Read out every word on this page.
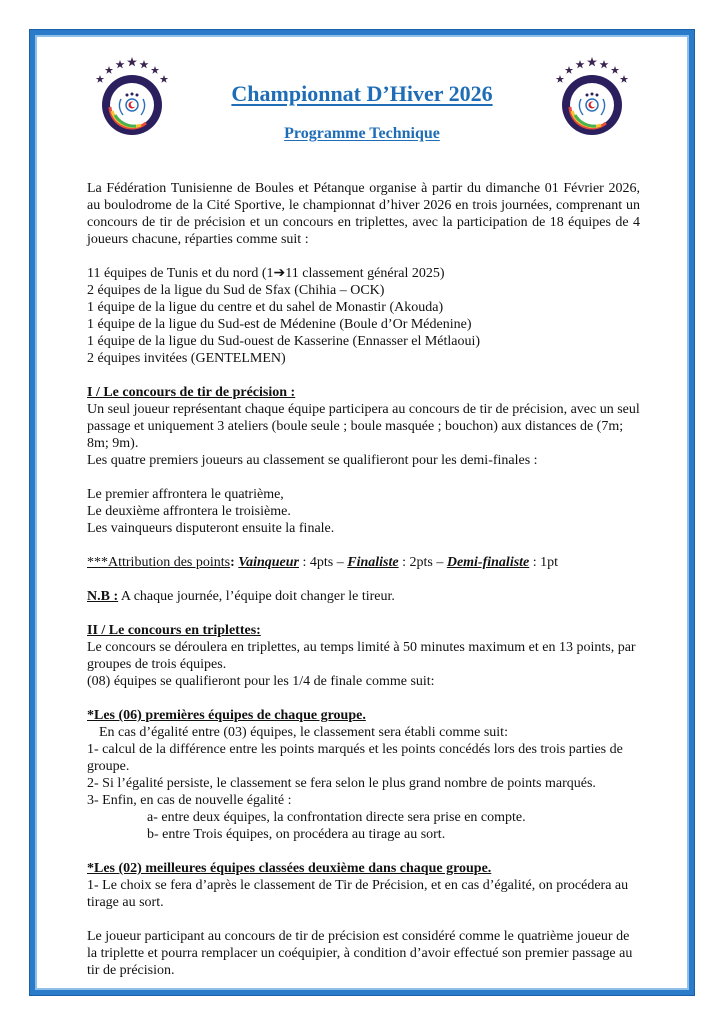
Championnat D’Hiver 2026
Programme Technique

La Fédération Tunisienne de Boules et Pétanque organise à partir du dimanche 01 Février 2026, au boulodrome de la Cité Sportive, le championnat d’hiver 2026 en trois journées, comprenant un concours de tir de précision et un concours en triplettes, avec la participation de 18 équipes de 4 joueurs chacune, réparties comme suit :

11 équipes de Tunis et du nord (1➔11 classement général 2025)

2 équipes de la ligue du Sud de Sfax (Chihia – OCK)

1 équipe de la ligue du centre et du sahel de Monastir (Akouda)

1 équipe de la ligue du Sud-est de Médenine (Boule d’Or Médenine)

1 équipe de la ligue du Sud-ouest de Kasserine (Ennasser el Métlaoui)

2 équipes invitées (GENTELMEN)

I / Le concours de tir de précision :

Un seul joueur représentant chaque équipe participera au concours de tir de précision, avec un seul passage et uniquement 3 ateliers (boule seule ; boule masquée ; bouchon) aux distances de (7m; 8m; 9m).

Les quatre premiers joueurs au classement se qualifieront pour les demi-finales :

Le premier affrontera le quatrième,

Le deuxième affrontera le troisième.

Les vainqueurs disputeront ensuite la finale.

***Attribution des points: Vainqueur : 4pts – Finaliste : 2pts – Demi-finaliste : 1pt

N.B : A chaque journée, l’équipe doit changer le tireur.

II / Le concours en triplettes:

Le concours se déroulera en triplettes, au temps limité à 50 minutes maximum et en 13 points, par groupes de trois équipes.

(08) équipes se qualifieront pour les 1/4 de finale comme suit:

*Les (06) premières équipes de chaque groupe.

En cas d’égalité entre (03) équipes, le classement sera établi comme suit:

1- calcul de la différence entre les points marqués et les points concédés lors des trois parties de groupe.

2- Si l’égalité persiste, le classement se fera selon le plus grand nombre de points marqués.

3- Enfin, en cas de nouvelle égalité :

a- entre deux équipes, la confrontation directe sera prise en compte.

b- entre Trois équipes, on procédera au tirage au sort.

*Les (02) meilleures équipes classées deuxième dans chaque groupe.

1- Le choix se fera d’après le classement de Tir de Précision, et en cas d’égalité, on procédera au tirage au sort.

Le joueur participant au concours de tir de précision est considéré comme le quatrième joueur de la triplette et pourra remplacer un coéquipier, à condition d’avoir effectué son premier passage au tir de précision.
